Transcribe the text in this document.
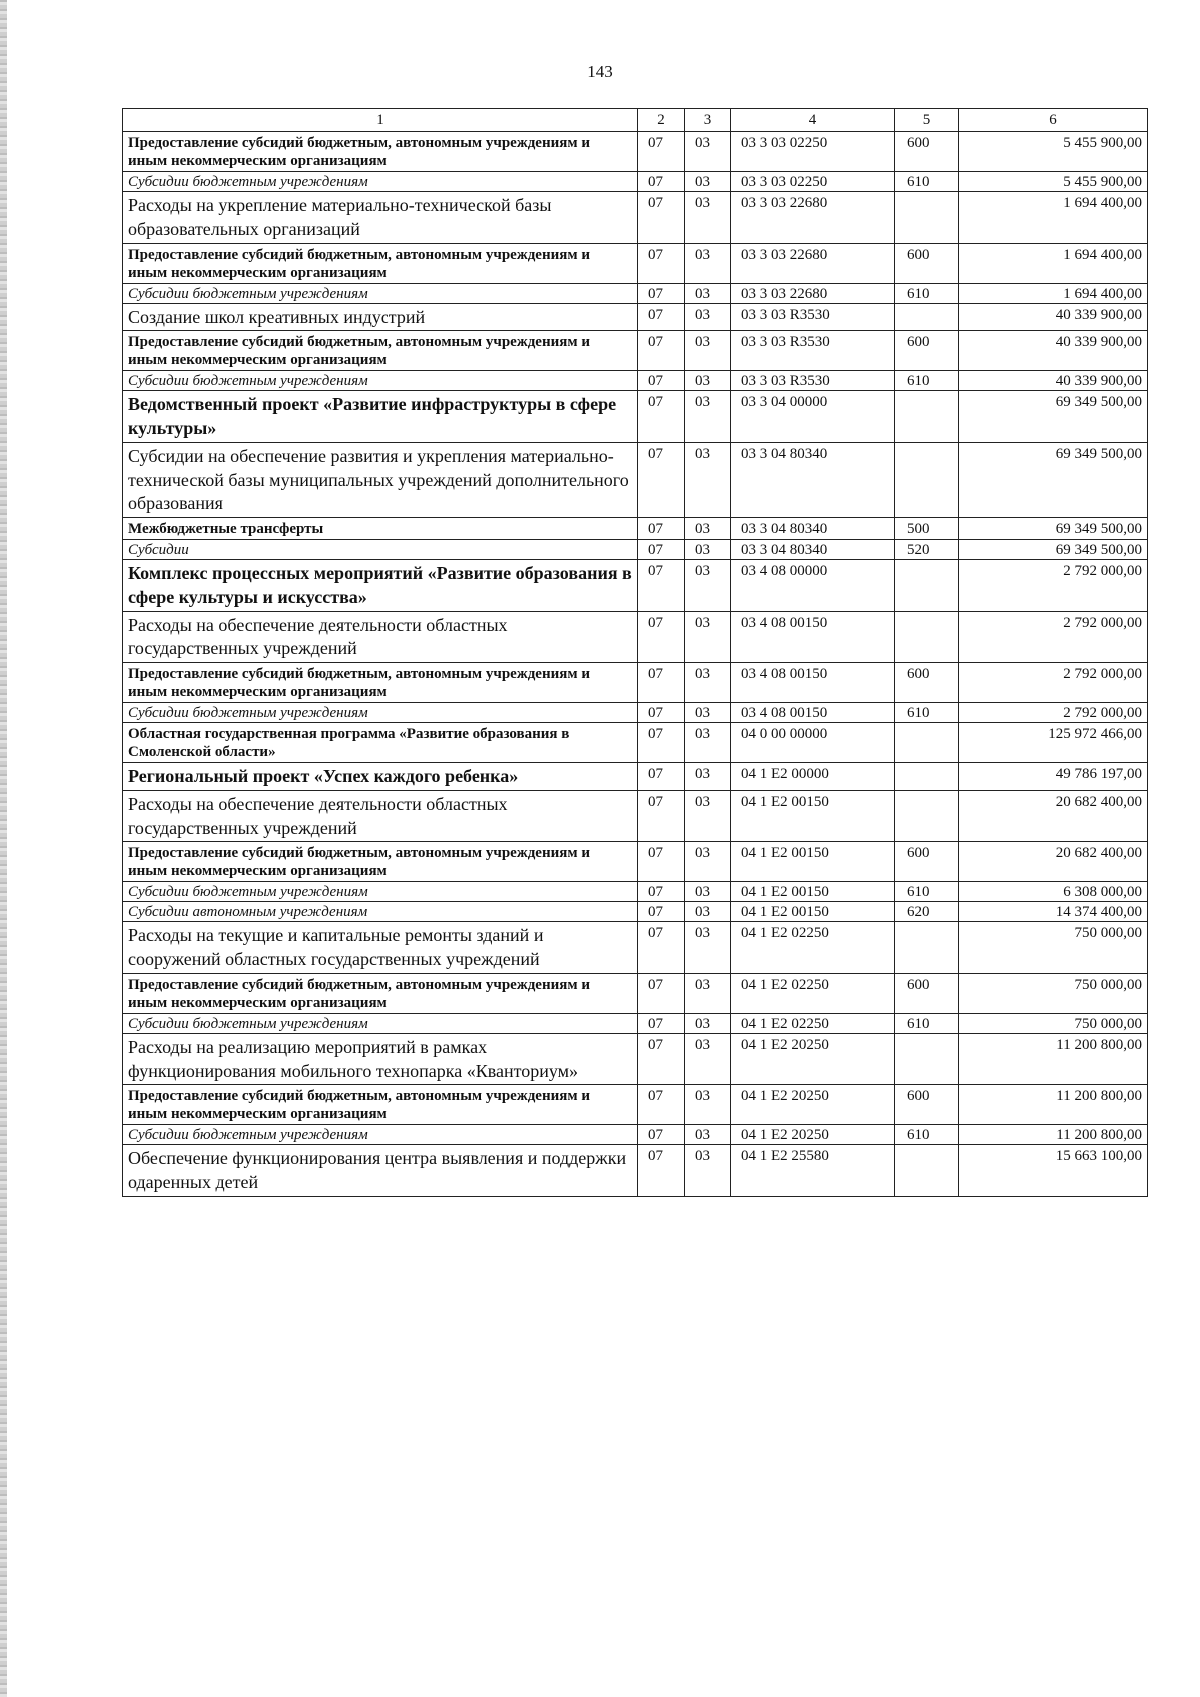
143
1	2	3	4	5	6
Предоставление субсидий бюджетным, автономным учреждениям и иным некоммерческим организациям	07	03	03 3 03 02250	600	5 455 900,00
Субсидии бюджетным учреждениям	07	03	03 3 03 02250	610	5 455 900,00
Расходы на укрепление материально-технической базы образовательных организаций	07	03	03 3 03 22680		1 694 400,00
Предоставление субсидий бюджетным, автономным учреждениям и иным некоммерческим организациям	07	03	03 3 03 22680	600	1 694 400,00
Субсидии бюджетным учреждениям	07	03	03 3 03 22680	610	1 694 400,00
Создание школ креативных индустрий	07	03	03 3 03 R3530		40 339 900,00
Предоставление субсидий бюджетным, автономным учреждениям и иным некоммерческим организациям	07	03	03 3 03 R3530	600	40 339 900,00
Субсидии бюджетным учреждениям	07	03	03 3 03 R3530	610	40 339 900,00
Ведомственный проект «Развитие инфраструктуры в сфере культуры»	07	03	03 3 04 00000		69 349 500,00
Субсидии на обеспечение развития и укрепления материально-технической базы муниципальных учреждений дополнительного образования	07	03	03 3 04 80340		69 349 500,00
Межбюджетные трансферты	07	03	03 3 04 80340	500	69 349 500,00
Субсидии	07	03	03 3 04 80340	520	69 349 500,00
Комплекс процессных мероприятий «Развитие образования в сфере культуры и искусства»	07	03	03 4 08 00000		2 792 000,00
Расходы на обеспечение деятельности областных государственных учреждений	07	03	03 4 08 00150		2 792 000,00
Предоставление субсидий бюджетным, автономным учреждениям и иным некоммерческим организациям	07	03	03 4 08 00150	600	2 792 000,00
Субсидии бюджетным учреждениям	07	03	03 4 08 00150	610	2 792 000,00
Областная государственная программа «Развитие образования в Смоленской области»	07	03	04 0 00 00000		125 972 466,00
Региональный проект «Успех каждого ребенка»	07	03	04 1 E2 00000		49 786 197,00
Расходы на обеспечение деятельности областных государственных учреждений	07	03	04 1 E2 00150		20 682 400,00
Предоставление субсидий бюджетным, автономным учреждениям и иным некоммерческим организациям	07	03	04 1 E2 00150	600	20 682 400,00
Субсидии бюджетным учреждениям	07	03	04 1 E2 00150	610	6 308 000,00
Субсидии автономным учреждениям	07	03	04 1 E2 00150	620	14 374 400,00
Расходы на текущие и капитальные ремонты зданий и сооружений областных государственных учреждений	07	03	04 1 E2 02250		750 000,00
Предоставление субсидий бюджетным, автономным учреждениям и иным некоммерческим организациям	07	03	04 1 E2 02250	600	750 000,00
Субсидии бюджетным учреждениям	07	03	04 1 E2 02250	610	750 000,00
Расходы на реализацию мероприятий в рамках функционирования мобильного технопарка «Кванториум»	07	03	04 1 E2 20250		11 200 800,00
Предоставление субсидий бюджетным, автономным учреждениям и иным некоммерческим организациям	07	03	04 1 E2 20250	600	11 200 800,00
Субсидии бюджетным учреждениям	07	03	04 1 E2 20250	610	11 200 800,00
Обеспечение функционирования центра выявления и поддержки одаренных детей	07	03	04 1 E2 25580		15 663 100,00
